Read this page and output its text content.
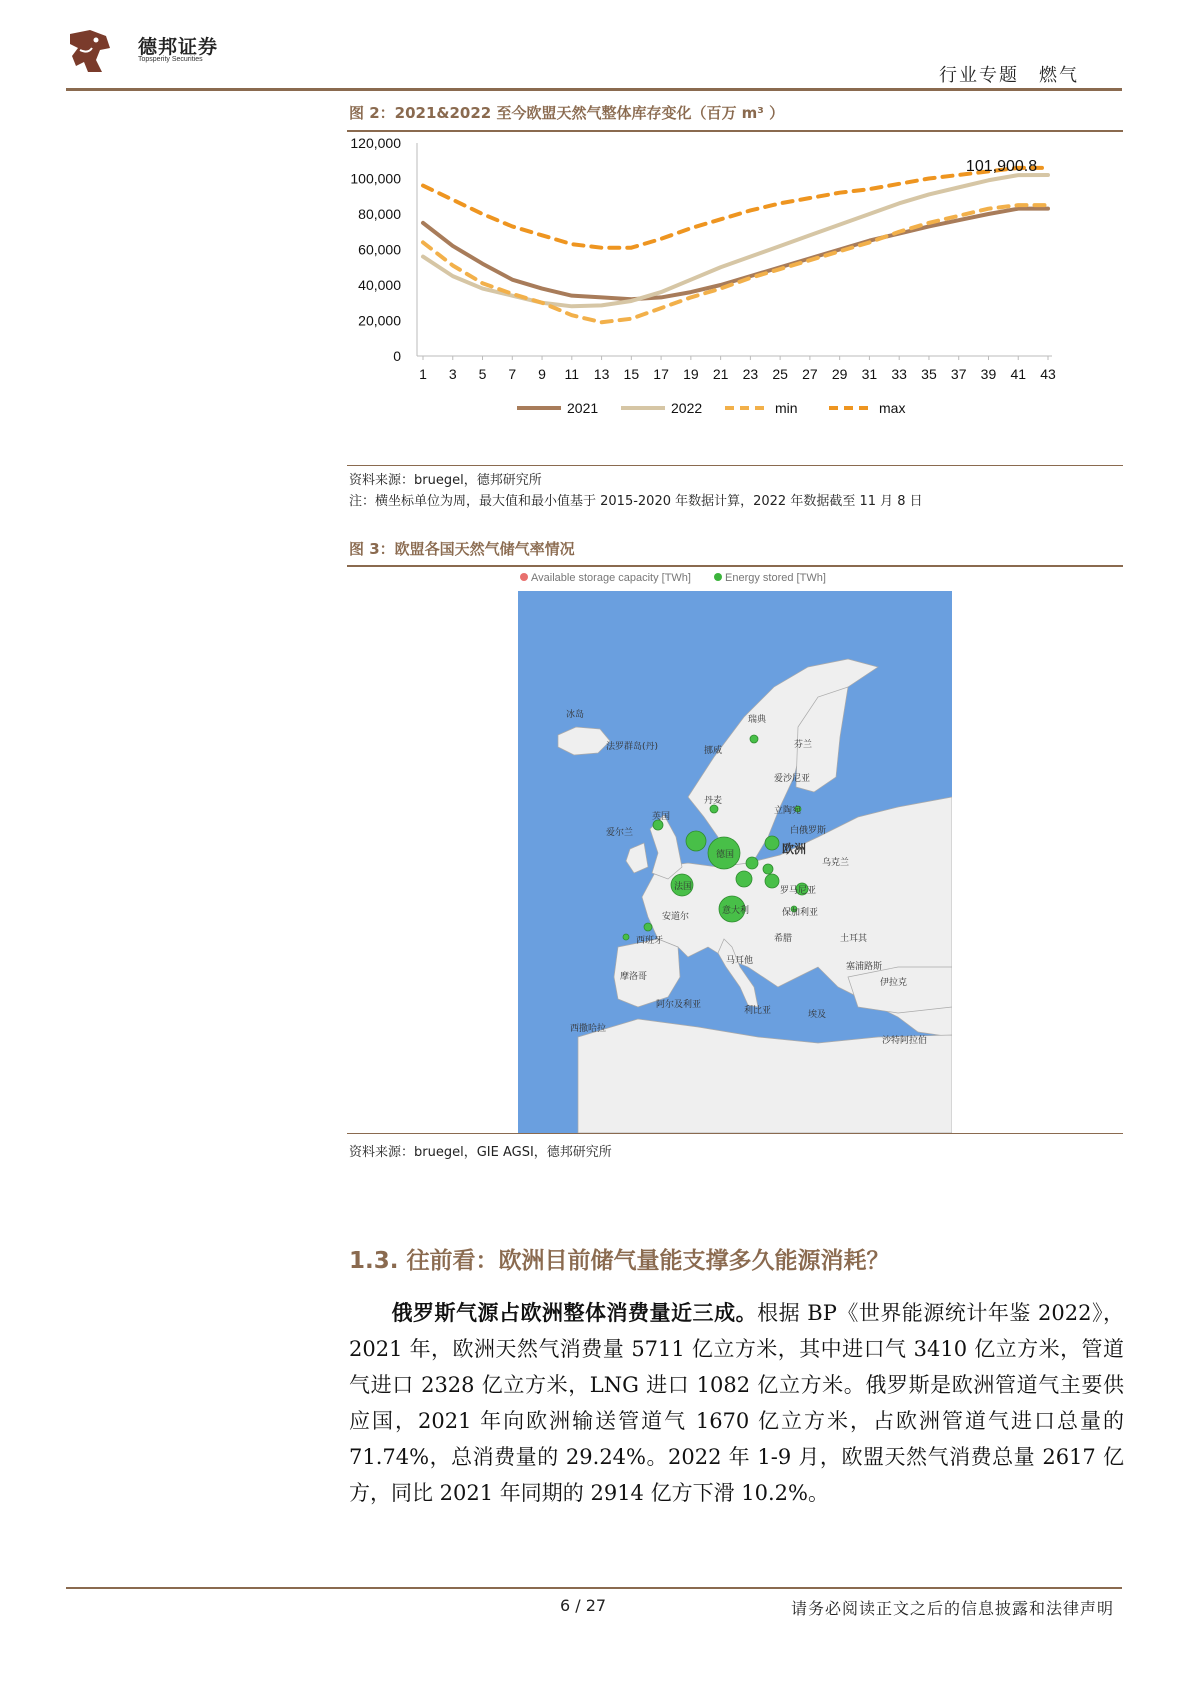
德邦证券
Topsperity Securities
行业专题　燃气
图 2：2021&2022 至今欧盟天然气整体库存变化（百万 m³ ）
0
20,000
40,000
60,000
80,000
100,000
120,000
1 3 5 7 9 11 13 15 17 19 21 23 25 27 29 31 33 35 37 39 41 43
101,900.8
2021	2022	min	max
资料来源：bruegel，德邦研究所
注：横坐标单位为周，最大值和最小值基于 2015-2020 年数据计算，2022 年数据截至 11 月 8 日
图 3：欧盟各国天然气储气率情况
Available storage capacity [TWh]	Energy stored [TWh]
冰岛
法罗群岛(丹)	挪威
瑞典
芬兰
爱沙尼亚
立陶宛
白俄罗斯
爱尔兰
英国
丹麦
德国	欧洲
乌克兰
法国	罗马尼亚
保加利亚
意大利
安道尔
西班牙	希腊	土耳其
马耳他
塞浦路斯
摩洛哥
阿尔及利亚
利比亚	埃及
伊拉克
西撒哈拉
沙特阿拉伯
资料来源：bruegel，GIE AGSI，德邦研究所
1.3. 往前看：欧洲目前储气量能支撑多久能源消耗？
俄罗斯气源占欧洲整体消费量近三成。根据 BP《世界能源统计年鉴 2022》，2021 年，欧洲天然气消费量 5711 亿立方米，其中进口气 3410 亿立方米，管道气进口 2328 亿立方米，LNG 进口 1082 亿立方米。俄罗斯是欧洲管道气主要供应国，2021 年向欧洲输送管道气 1670 亿立方米，占欧洲管道气进口总量的 71.74%，总消费量的 29.24%。2022 年 1-9 月，欧盟天然气消费总量 2617 亿方，同比 2021 年同期的 2914 亿方下滑 10.2%。
6 / 27	请务必阅读正文之后的信息披露和法律声明
